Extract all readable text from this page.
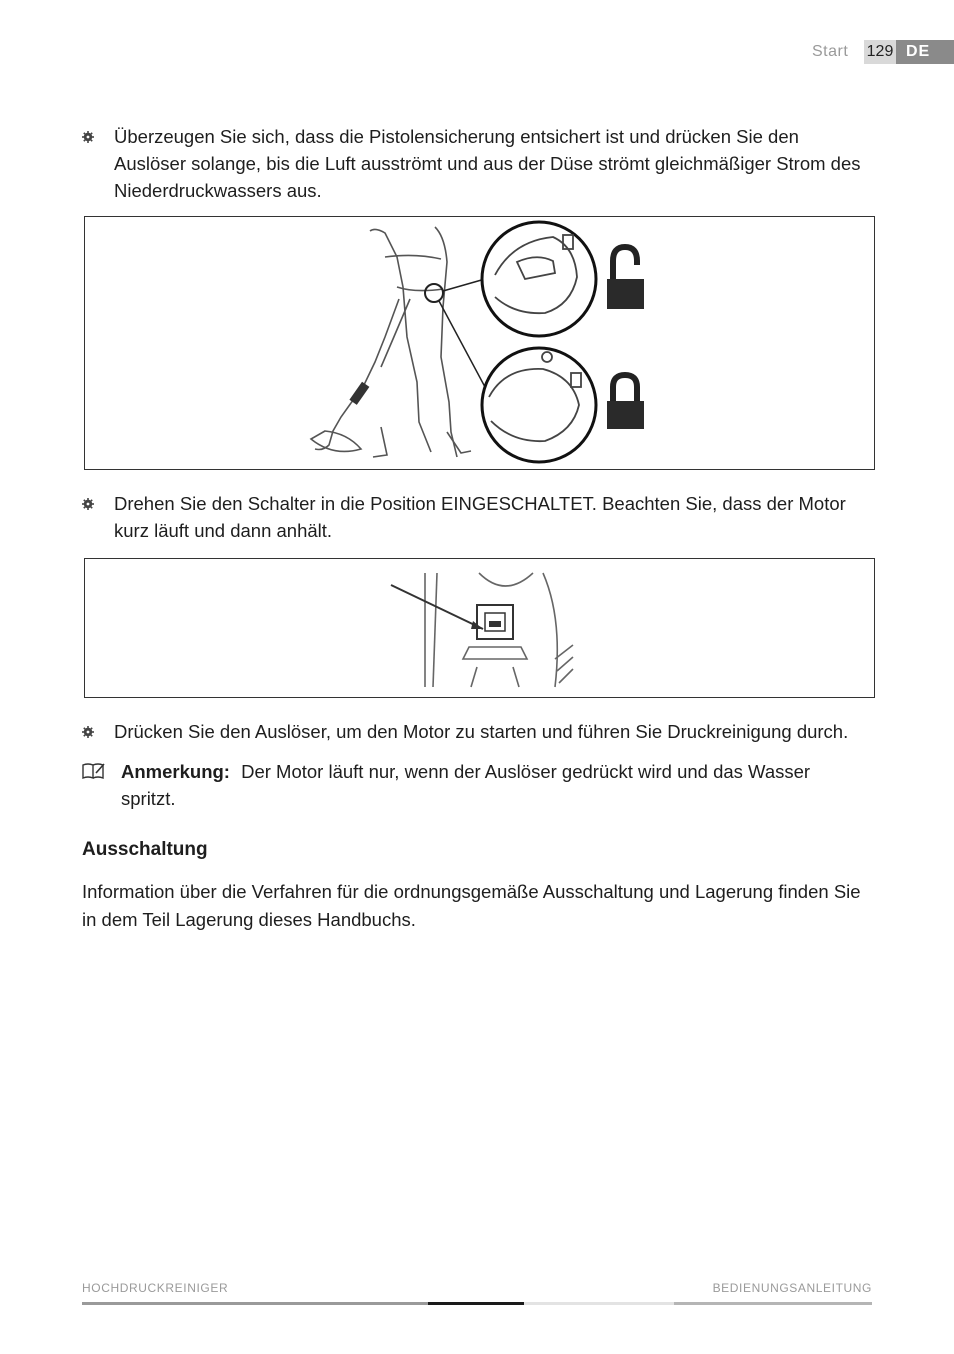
Start 129 DE
Überzeugen Sie sich, dass die Pistolensicherung entsichert ist und drücken Sie den Auslöser solange, bis die Luft ausströmt und aus der Düse strömt gleichmäßiger Strom des Niederdruckwassers aus.
Drehen Sie den Schalter in die Position EINGESCHALTET. Beachten Sie, dass der Motor kurz läuft und dann anhält.
Drücken Sie den Auslöser, um den Motor zu starten und führen Sie Druckreinigung durch.
Anmerkung: Der Motor läuft nur, wenn der Auslöser gedrückt wird und das Wasser spritzt.
Ausschaltung
Information über die Verfahren für die ordnungsgemäße Ausschaltung und Lagerung finden Sie in dem Teil Lagerung dieses Handbuchs.
HOCHDRUCKREINIGER	BEDIENUNGSANLEITUNG
